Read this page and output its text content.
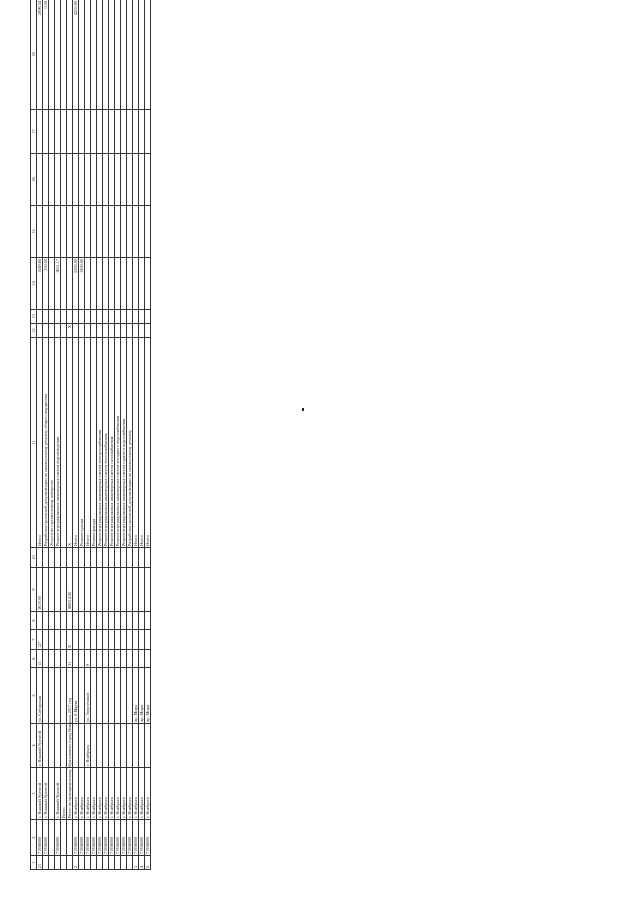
1	2	3	4	5	6	7	8	9	10	11	12	13	14	15	16	17	18
21	71956000	г. Нижний Уренгой	г. Нижний Уренгой	ул. Сибирская	13	127		3618.90		Итого			1049.60				2896.54
	71956000	г. Нижний Уренгой								Разработка проектной документации по капитальному ремонту общего имущества			300.00				0.00
										Услуги по строительному контролю							
	71956000	г. Нижний Уренгой								Ремонт внутридомовых инженерных систем водоотведения			1651.17				
		Всего															
		Всего по муниципальному образованию город Ноябрьск 2017 год			31	X		168014.90		X	X						
2	71956000	г. Ноябрьск		ул. 8 Марта						Итого			5395.00				4203.80
	71956000	г. Ноябрьск								Ремонт крыши			1000.00				
	71956000	г. Ноябрьск	г. Ноябрьск	ул. Энергетиков	9					Итого							
	71956000	г. Ноябрьск								Ремонт фасада							
	71956000	г. Ноябрьск								Ремонт внутридомовых инженерных систем электроснабжения							
	71956000	г. Ноябрьск								Ремонт внутридомовых инженерных систем теплоснабжения							
	71956000	г. Ноябрьск								Ремонт внутридомовых инженерных систем газоснабжения							
	71956000	г. Ноябрьск								Ремонт внутридомовых инженерных систем холодного водоснабжения							
	71956000	г. Ноябрьск								Ремонт внутридомовых инженерных систем горячего водоснабжения							
	71956000	г. Ноябрьск								Разработка проектной документации по капитальному ремонту							
3	71956000	г. Ноябрьск		пр. Мира						Итого							
4	71956000	г. Ноябрьск		пр. Мира						Итого							
5	71956000	г. Ноябрьск		пр. Мира						Итого							
